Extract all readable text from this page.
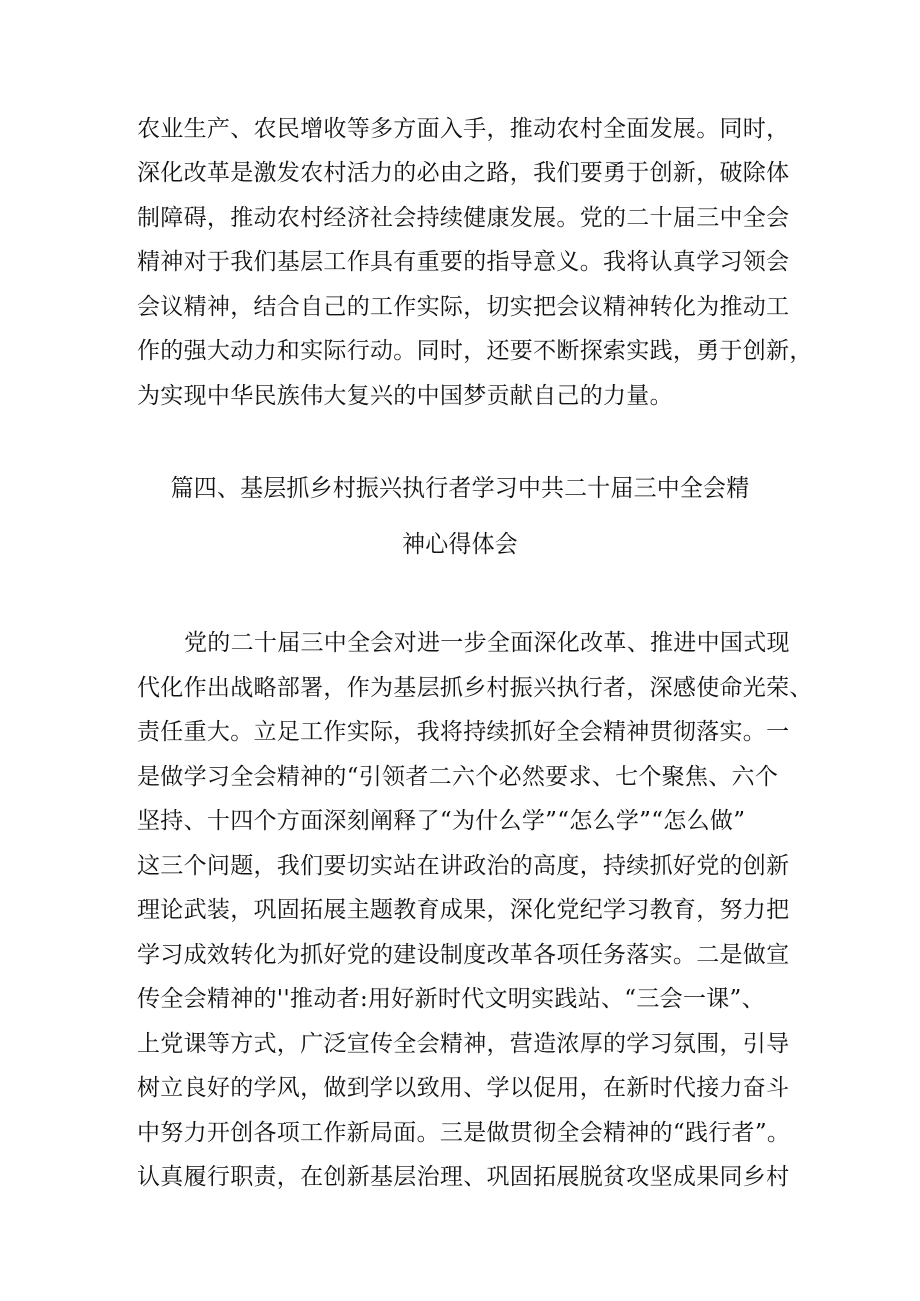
农业生产、农民增收等多方面入手，推动农村全面发展。同时，
深化改革是激发农村活力的必由之路，我们要勇于创新，破除体
制障碍，推动农村经济社会持续健康发展。党的二十届三中全会
精神对于我们基层工作具有重要的指导意义。我将认真学习领会
会议精神，结合自己的工作实际，切实把会议精神转化为推动工
作的强大动力和实际行动。同时，还要不断探索实践，勇于创新，
为实现中华民族伟大复兴的中国梦贡献自己的力量。
篇四、基层抓乡村振兴执行者学习中共二十届三中全会精
神心得体会
党的二十届三中全会对进一步全面深化改革、推进中国式现
代化作出战略部署，作为基层抓乡村振兴执行者，深感使命光荣、
责任重大。立足工作实际，我将持续抓好全会精神贯彻落实。一
是做学习全会精神的“引领者二六个必然要求、七个聚焦、六个
坚持、十四个方面深刻阐释了“为什么学”“怎么学”“怎么做”
这三个问题，我们要切实站在讲政治的高度，持续抓好党的创新
理论武装，巩固拓展主题教育成果，深化党纪学习教育，努力把
学习成效转化为抓好党的建设制度改革各项任务落实。二是做宣
传全会精神的''推动者:用好新时代文明实践站、“三会一课”、
上党课等方式，广泛宣传全会精神，营造浓厚的学习氛围，引导
树立良好的学风，做到学以致用、学以促用，在新时代接力奋斗
中努力开创各项工作新局面。三是做贯彻全会精神的“践行者”。
认真履行职责，在创新基层治理、巩固拓展脱贫攻坚成果同乡村
